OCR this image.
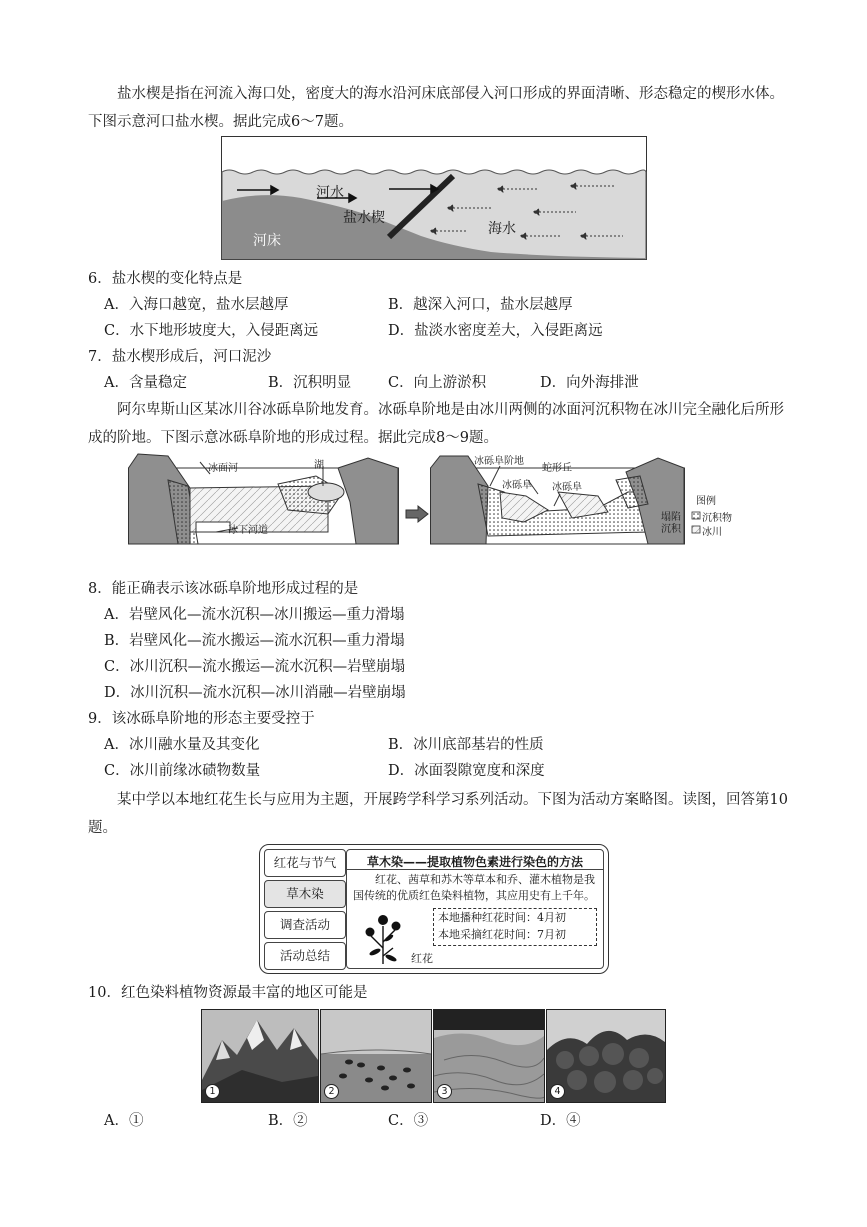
盐水楔是指在河流入海口处，密度大的海水沿河床底部侵入河口形成的界面清晰、形态稳定的楔形水体。下图示意河口盐水楔。据此完成6～7题。
河水
盐水楔
海水
河床
6．盐水楔的变化特点是
A．入海口越宽，盐水层越厚	B．越深入河口，盐水层越厚
C．水下地形坡度大，入侵距离远	D．盐淡水密度差大，入侵距离远
7．盐水楔形成后，河口泥沙
A．含量稳定	B．沉积明显	C．向上游淤积	D．向外海排泄
阿尔卑斯山区某冰川谷冰砾阜阶地发育。冰砾阜阶地是由冰川两侧的冰面河沉积物在冰川完全融化后所形成的阶地。下图示意冰砾阜阶地的形成过程。据此完成8～9题。
冰面河	湖
冰下河道
冰砾阜阶地
蛇形丘
冰砾阜 冰砾阜
塌陷沉积
图例
沉积物
冰川
8．能正确表示该冰砾阜阶地形成过程的是
A．岩壁风化—流水沉积—冰川搬运—重力滑塌
B．岩壁风化—流水搬运—流水沉积—重力滑塌
C．冰川沉积—流水搬运—流水沉积—岩壁崩塌
D．冰川沉积—流水沉积—冰川消融—岩壁崩塌
9．该冰砾阜阶地的形态主要受控于
A．冰川融水量及其变化	B．冰川底部基岩的性质
C．冰川前缘冰碛物数量	D．冰面裂隙宽度和深度
某中学以本地红花生长与应用为主题，开展跨学科学习系列活动。下图为活动方案略图。读图，回答第10题。
红花与节气
草木染
调查活动
活动总结
草木染——提取植物色素进行染色的方法
红花、茜草和苏木等草本和乔、灌木植物是我国传统的优质红色染料植物，其应用史有上千年。
本地播种红花时间：4月初
本地采摘红花时间：7月初
红花
10．红色染料植物资源最丰富的地区可能是
1	2	3	4
A．①	B．②	C．③	D．④
